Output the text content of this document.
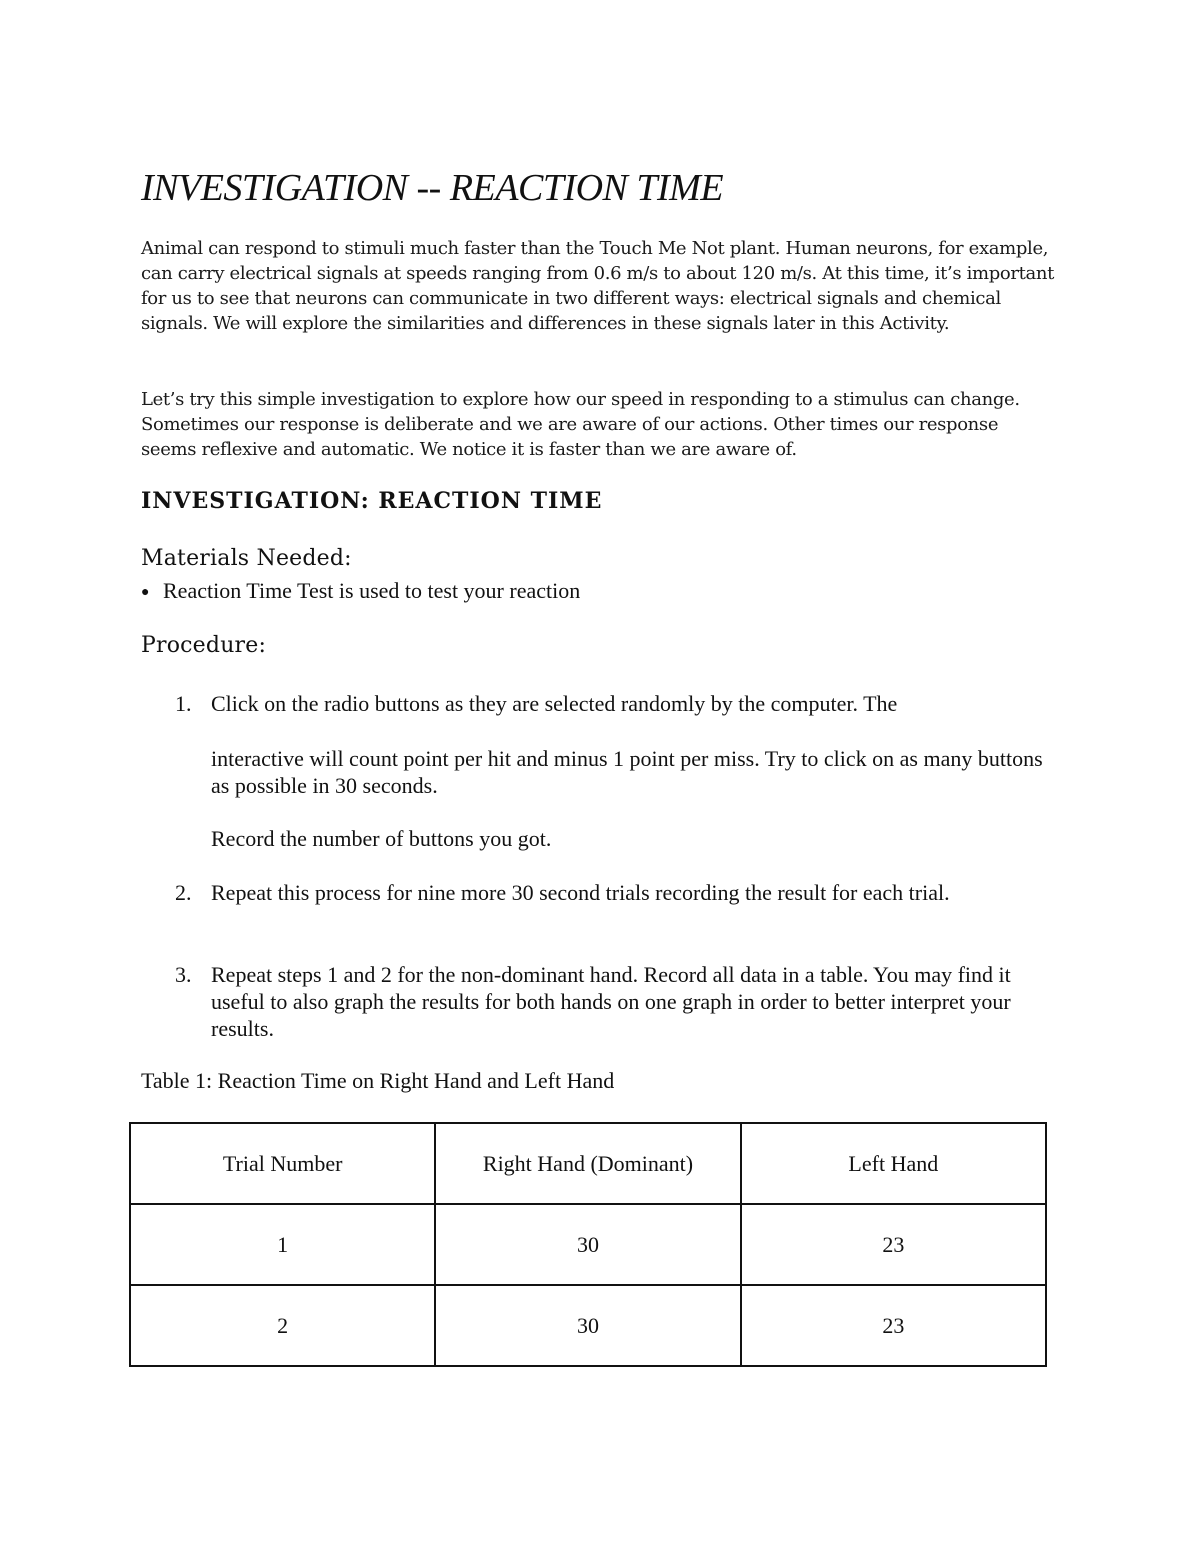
INVESTIGATION -- REACTION TIME

Animal can respond to stimuli much faster than the Touch Me Not plant. Human neurons, for example, can carry electrical signals at speeds ranging from 0.6 m/s to about 120 m/s. At this time, it’s important for us to see that neurons can communicate in two different ways: electrical signals and chemical signals. We will explore the similarities and differences in these signals later in this Activity.

Let’s try this simple investigation to explore how our speed in responding to a stimulus can change. Sometimes our response is deliberate and we are aware of our actions. Other times our response seems reflexive and automatic. We notice it is faster than we are aware of.

INVESTIGATION: REACTION TIME
Materials Needed:
● Reaction Time Test is used to test your reaction
Procedure:
1. Click on the radio buttons as they are selected randomly by the computer. The
interactive will count point per hit and minus 1 point per miss. Try to click on as many buttons as possible in 30 seconds.
Record the number of buttons you got.
2. Repeat this process for nine more 30 second trials recording the result for each trial.
3. Repeat steps 1 and 2 for the non-dominant hand. Record all data in a table. You may find it useful to also graph the results for both hands on one graph in order to better interpret your results.

Table 1: Reaction Time on Right Hand and Left Hand

Trial Number	Right Hand (Dominant)	Left Hand
1	30	23
2	30	23
